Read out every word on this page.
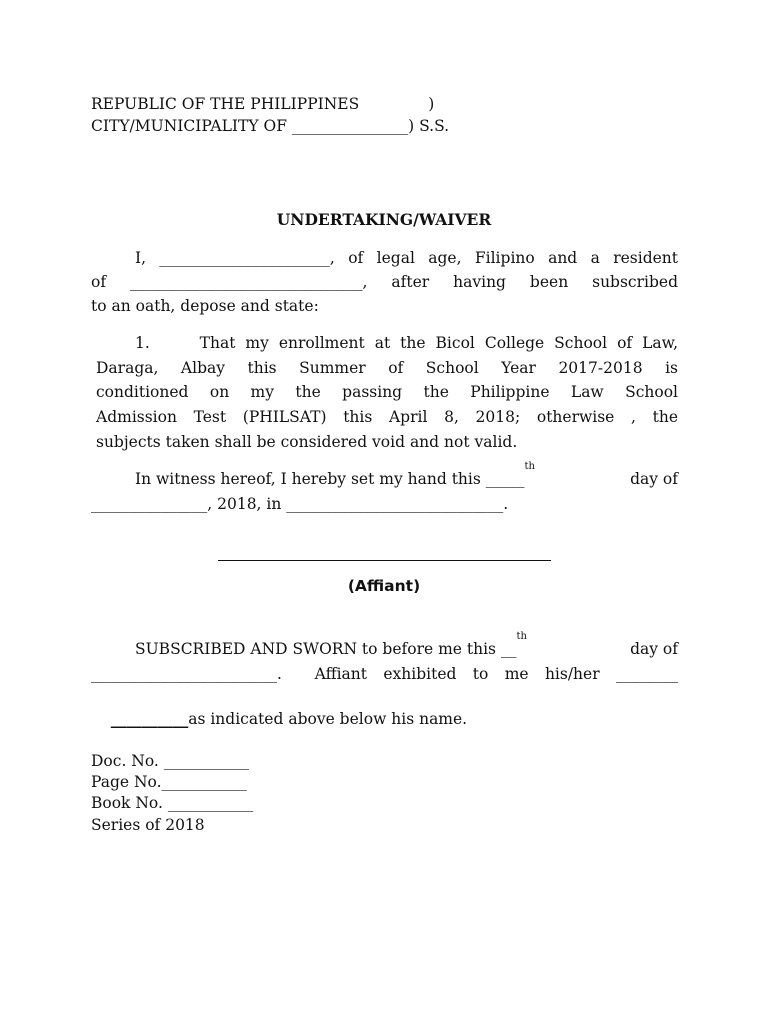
REPUBLIC OF THE PHILIPPINES              )
CITY/MUNICIPALITY OF _______________) S.S.
UNDERTAKING/WAIVER
I, ______________________, of legal age, Filipino and a resident
of ______________________________, after having been subscribed
to an oath, depose and state:
1.     That my enrollment at the Bicol College School of Law,
Daraga, Albay this Summer of School Year 2017-2018 is
conditioned on my the passing the Philippine Law School
Admission Test (PHILSAT) this April 8, 2018; otherwise , the
subjects taken shall be considered void and not valid.
In witness hereof, I hereby set my hand this _____
$^{th}$
day of
_______________, 2018, in ____________________________.
(Affiant)
SUBSCRIBED AND SWORN to before me this __
$^{th}$
day of
________________________.  Affiant exhibited to me his/her ________

__________as indicated above below his name.

Doc. No. ___________
Page No.___________
Book No. ___________
Series of 2018
